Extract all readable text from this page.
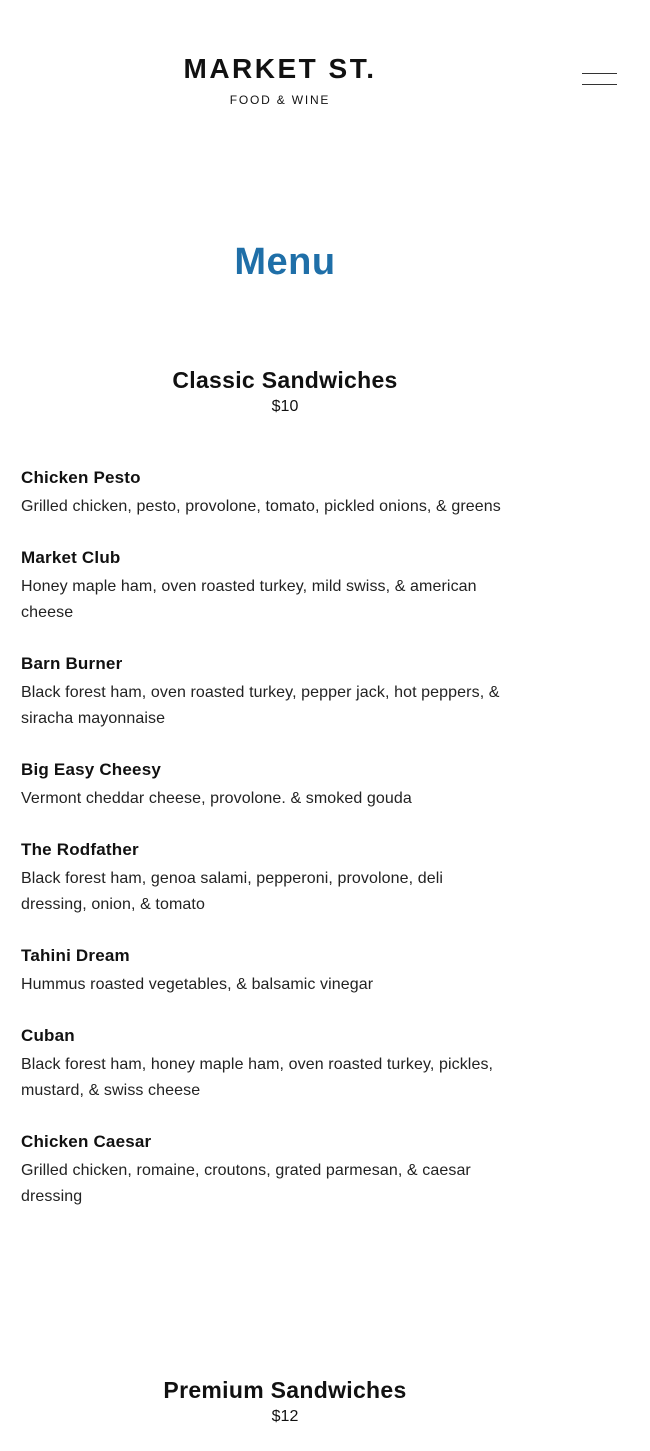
MARKET ST.
FOOD & WINE
Menu
Classic Sandwiches
$10
Chicken Pesto
Grilled chicken, pesto, provolone, tomato, pickled onions, & greens
Market Club
Honey maple ham, oven roasted turkey, mild swiss, & american cheese
Barn Burner
Black forest ham, oven roasted turkey, pepper jack, hot peppers, & siracha mayonnaise
Big Easy Cheesy
Vermont cheddar cheese, provolone. & smoked gouda
The Rodfather
Black forest ham, genoa salami, pepperoni, provolone, deli dressing, onion, & tomato
Tahini Dream
Hummus roasted vegetables, & balsamic vinegar
Cuban
Black forest ham, honey maple ham, oven roasted turkey, pickles, mustard, & swiss cheese
Chicken Caesar
Grilled chicken, romaine, croutons, grated parmesan, & caesar dressing
Premium Sandwiches
$12
